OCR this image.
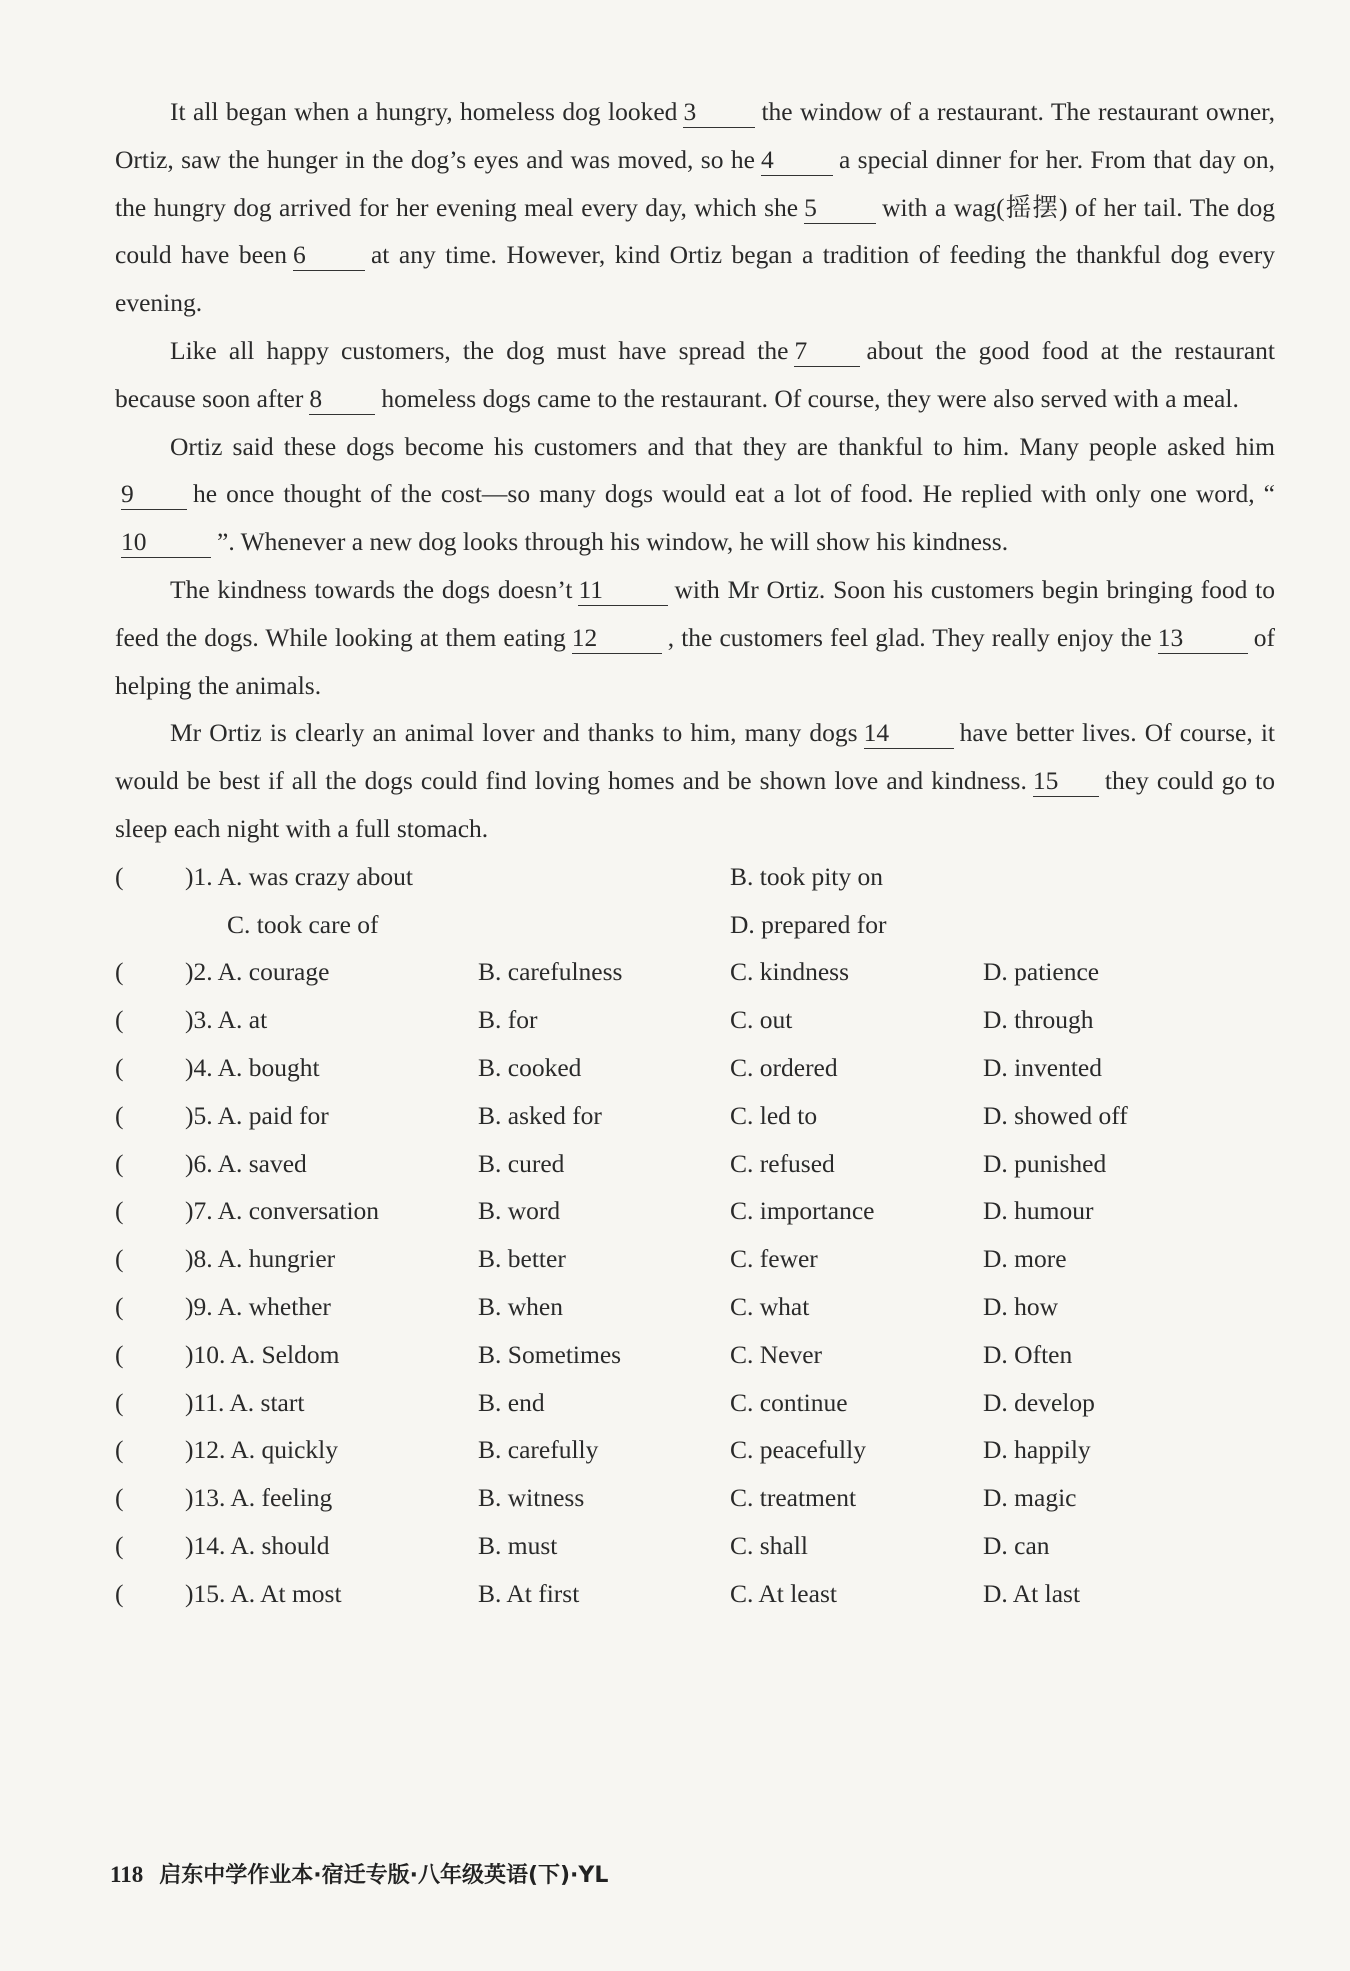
It all began when a hungry, homeless dog looked 3	the window of a restaurant. The restaurant owner, Ortiz, saw the hunger in the dog’s eyes and was moved, so he 4	a special dinner for her. From that day on, the hungry dog arrived for her evening meal every day, which she 5	with a wag(摇摆) of her tail. The dog could have been 6	at any time. However, kind Ortiz began a tradition of feeding the thankful dog every evening.

Like all happy customers, the dog must have spread the 7 about the good food at the restaurant because soon after 8 homeless dogs came to the restaurant. Of course, they were also served with a meal.

Ortiz said these dogs become his customers and that they are thankful to him. Many people asked him9 he once thought of the cost—so many dogs would eat a lot of food. He replied with only one word, “10	”. Whenever a new dog looks through his window, he will show his kindness.

The kindness towards the dogs doesn’t 11	with Mr Ortiz. Soon his customers begin bringing food to feed the dogs. While looking at them eating 12	, the customers feel glad. They really enjoy the 13	of helping the animals.

Mr Ortiz is clearly an animal lover and thanks to him, many dogs 14	have better lives. Of course, it would be best if all the dogs could find loving homes and be shown love and kindness. 15 they could go to sleep each night with a full stomach.

( )1. A. was crazy about	B. took pity on
C. took care of	D. prepared for
( )2. A. courage	B. carefulness	C. kindness	D. patience
( )3. A. at	B. for	C. out	D. through
( )4. A. bought	B. cooked	C. ordered	D. invented
( )5. A. paid for	B. asked for	C. led to	D. showed off
( )6. A. saved	B. cured	C. refused	D. punished
( )7. A. conversation	B. word	C. importance	D. humour
( )8. A. hungrier	B. better	C. fewer	D. more
( )9. A. whether	B. when	C. what	D. how
( )10. A. Seldom	B. Sometimes	C. Never	D. Often
( )11. A. start	B. end	C. continue	D. develop
( )12. A. quickly	B. carefully	C. peacefully	D. happily
( )13. A. feeling	B. witness	C. treatment	D. magic
( )14. A. should	B. must	C. shall	D. can
( )15. A. At most	B. At first	C. At least	D. At last
118 启东中学作业本·宿迁专版·八年级英语(下)·YL
